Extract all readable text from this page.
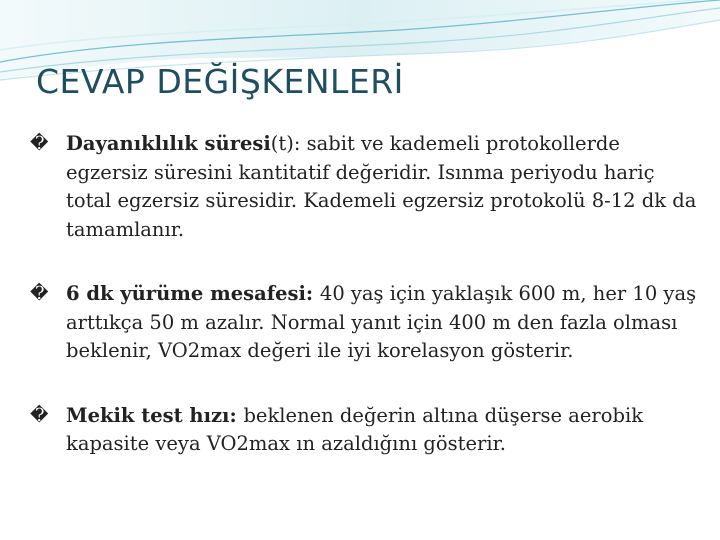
CEVAP DEĞİŞKENLERİ

� Dayanıklılık süresi(t): sabit ve kademeli protokollerde egzersiz süresini kantitatif değeridir. Isınma periyodu hariç total egzersiz süresidir. Kademeli egzersiz protokolü 8-12 dk da tamamlanır.

� 6 dk yürüme mesafesi: 40 yaş için yaklaşık 600 m, her 10 yaş arttıkça 50 m azalır. Normal yanıt için 400 m den fazla olması beklenir, VO2max değeri ile iyi korelasyon gösterir.

� Mekik test hızı: beklenen değerin altına düşerse aerobik kapasite veya VO2max ın azaldığını gösterir.
